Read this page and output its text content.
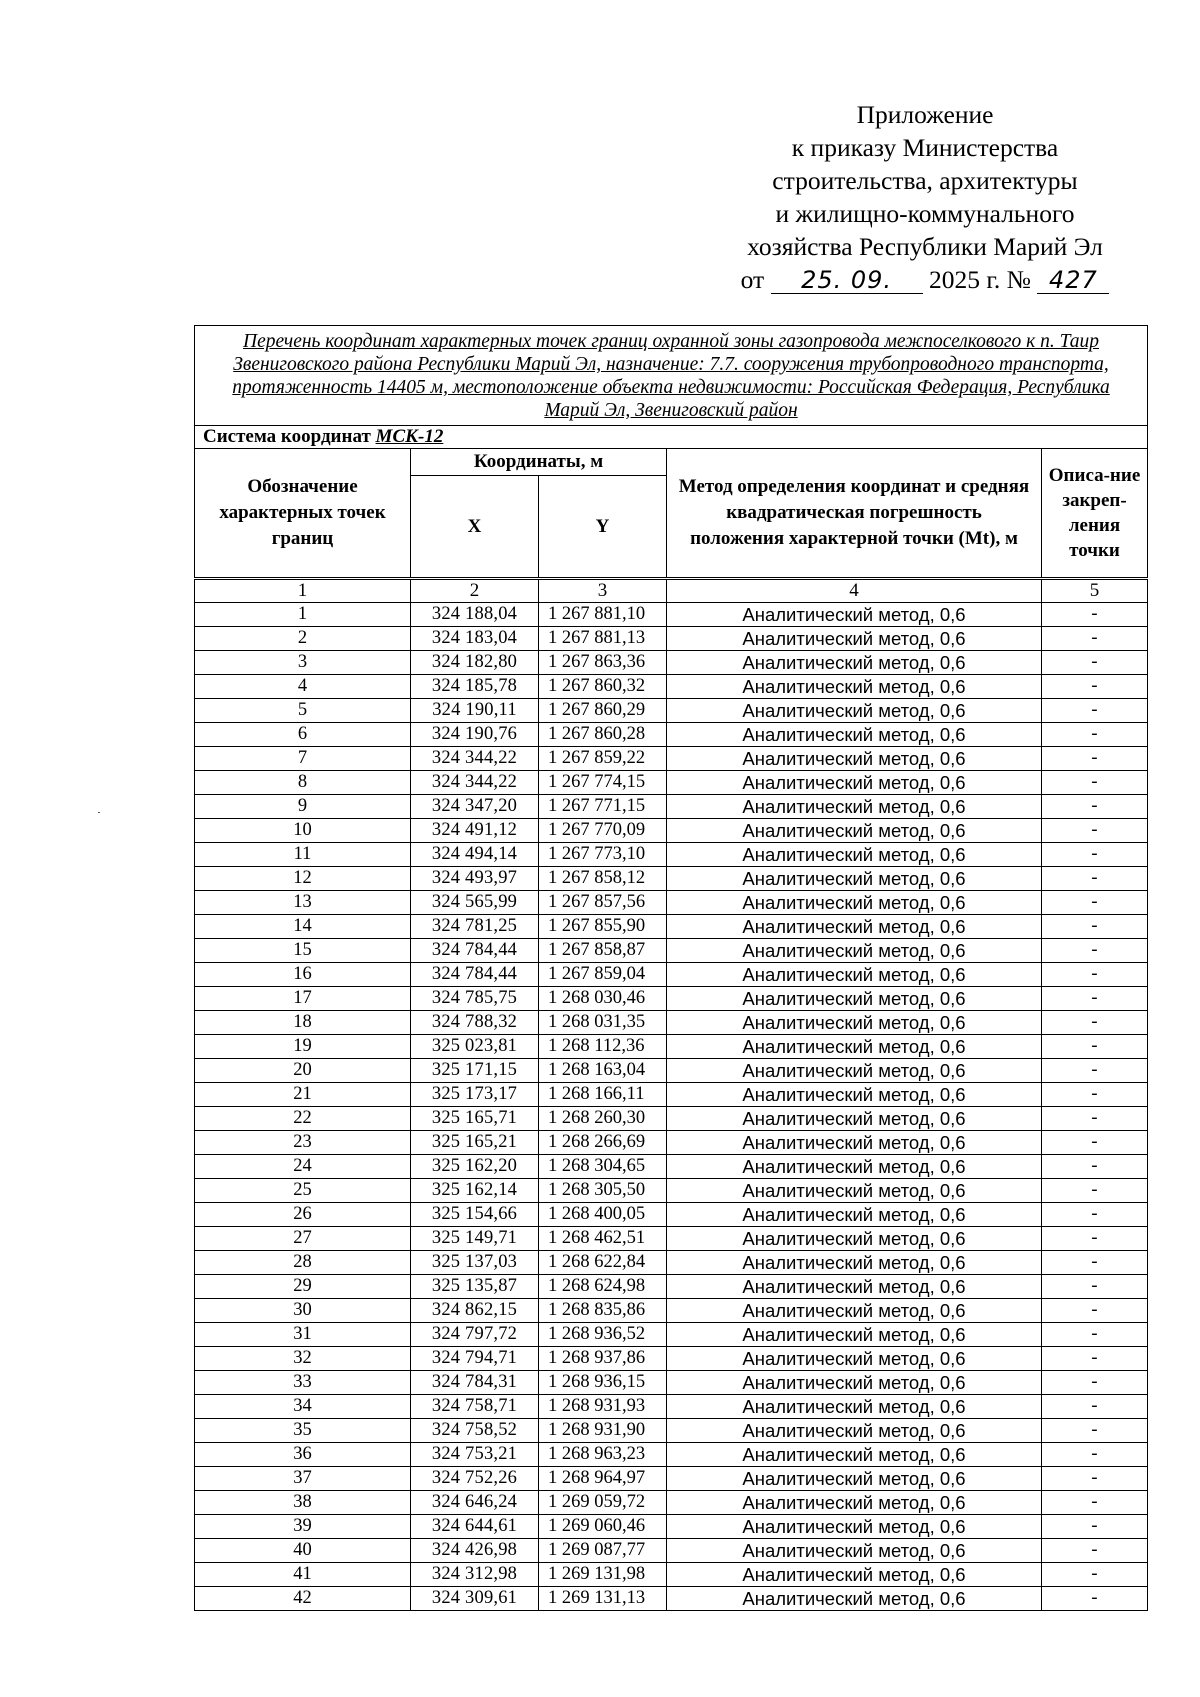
Приложение
к приказу Министерства
строительства, архитектуры
и жилищно-коммунального
хозяйства Республики Марий Эл
от 25. 09. 2025 г. № 427
Перечень координат характерных точек границ охранной зоны газопровода межпоселкового к п. Таир Звениговского района Республики Марий Эл, назначение: 7.7. сооружения трубопроводного транспорта, протяженность 14405 м, местоположение объекта недвижимости: Российская Федерация, Республика Марий Эл, Звениговский район				
Система координат МСК-12				
Обозначение характерных точек границ	Координаты, м		Метод определения координат и средняя квадратическая погрешность положения характерной точки (Mt), м	Описа-ние закреп-ления точки
	X	Y		
1	2	3	4	5
1	324 188,04	1 267 881,10	Аналитический метод, 0,6	-
2	324 183,04	1 267 881,13	Аналитический метод, 0,6	-
3	324 182,80	1 267 863,36	Аналитический метод, 0,6	-
4	324 185,78	1 267 860,32	Аналитический метод, 0,6	-
5	324 190,11	1 267 860,29	Аналитический метод, 0,6	-
6	324 190,76	1 267 860,28	Аналитический метод, 0,6	-
7	324 344,22	1 267 859,22	Аналитический метод, 0,6	-
8	324 344,22	1 267 774,15	Аналитический метод, 0,6	-
9	324 347,20	1 267 771,15	Аналитический метод, 0,6	-
10	324 491,12	1 267 770,09	Аналитический метод, 0,6	-
11	324 494,14	1 267 773,10	Аналитический метод, 0,6	-
12	324 493,97	1 267 858,12	Аналитический метод, 0,6	-
13	324 565,99	1 267 857,56	Аналитический метод, 0,6	-
14	324 781,25	1 267 855,90	Аналитический метод, 0,6	-
15	324 784,44	1 267 858,87	Аналитический метод, 0,6	-
16	324 784,44	1 267 859,04	Аналитический метод, 0,6	-
17	324 785,75	1 268 030,46	Аналитический метод, 0,6	-
18	324 788,32	1 268 031,35	Аналитический метод, 0,6	-
19	325 023,81	1 268 112,36	Аналитический метод, 0,6	-
20	325 171,15	1 268 163,04	Аналитический метод, 0,6	-
21	325 173,17	1 268 166,11	Аналитический метод, 0,6	-
22	325 165,71	1 268 260,30	Аналитический метод, 0,6	-
23	325 165,21	1 268 266,69	Аналитический метод, 0,6	-
24	325 162,20	1 268 304,65	Аналитический метод, 0,6	-
25	325 162,14	1 268 305,50	Аналитический метод, 0,6	-
26	325 154,66	1 268 400,05	Аналитический метод, 0,6	-
27	325 149,71	1 268 462,51	Аналитический метод, 0,6	-
28	325 137,03	1 268 622,84	Аналитический метод, 0,6	-
29	325 135,87	1 268 624,98	Аналитический метод, 0,6	-
30	324 862,15	1 268 835,86	Аналитический метод, 0,6	-
31	324 797,72	1 268 936,52	Аналитический метод, 0,6	-
32	324 794,71	1 268 937,86	Аналитический метод, 0,6	-
33	324 784,31	1 268 936,15	Аналитический метод, 0,6	-
34	324 758,71	1 268 931,93	Аналитический метод, 0,6	-
35	324 758,52	1 268 931,90	Аналитический метод, 0,6	-
36	324 753,21	1 268 963,23	Аналитический метод, 0,6	-
37	324 752,26	1 268 964,97	Аналитический метод, 0,6	-
38	324 646,24	1 269 059,72	Аналитический метод, 0,6	-
39	324 644,61	1 269 060,46	Аналитический метод, 0,6	-
40	324 426,98	1 269 087,77	Аналитический метод, 0,6	-
41	324 312,98	1 269 131,98	Аналитический метод, 0,6	-
42	324 309,61	1 269 131,13	Аналитический метод, 0,6	-
